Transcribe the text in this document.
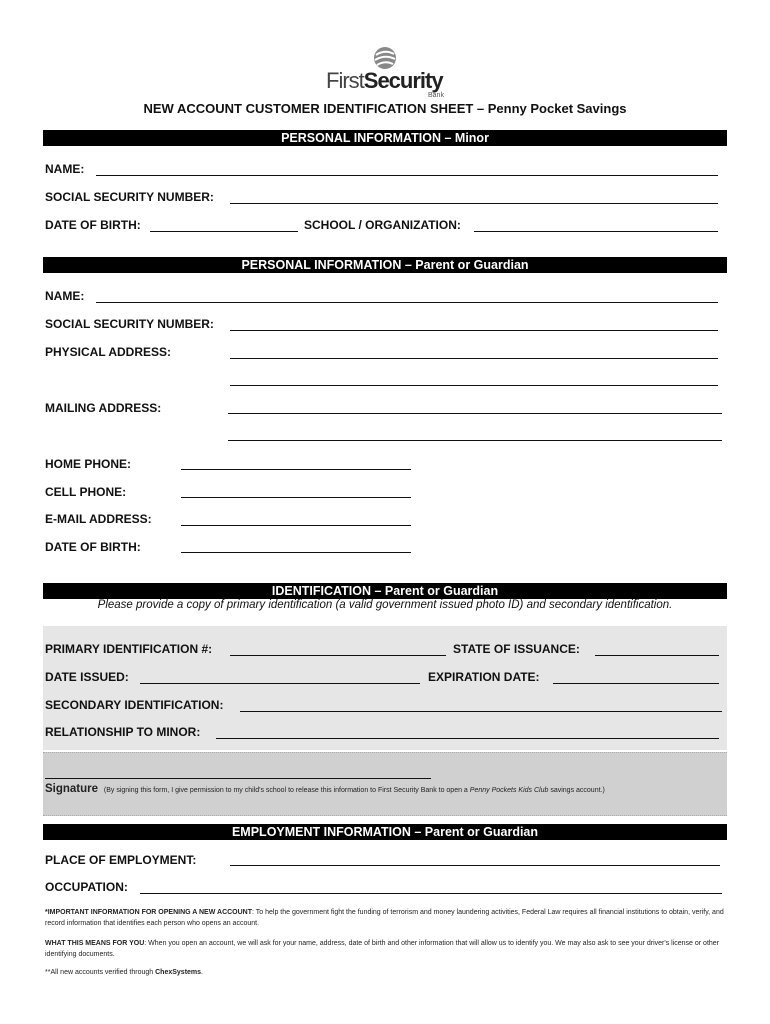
FirstSecurity
Bank
NEW ACCOUNT CUSTOMER IDENTIFICATION SHEET – Penny Pocket Savings
PERSONAL INFORMATION – Minor
NAME:
SOCIAL SECURITY NUMBER:
DATE OF BIRTH:	SCHOOL / ORGANIZATION:
PERSONAL INFORMATION – Parent or Guardian
NAME:
SOCIAL SECURITY NUMBER:
PHYSICAL ADDRESS:
MAILING ADDRESS:
HOME PHONE:
CELL PHONE:
E-MAIL ADDRESS:
DATE OF BIRTH:
IDENTIFICATION – Parent or Guardian
Please provide a copy of primary identification (a valid government issued photo ID) and secondary identification.
PRIMARY IDENTIFICATION #:	STATE OF ISSUANCE:
DATE ISSUED:	EXPIRATION DATE:
SECONDARY IDENTIFICATION:
RELATIONSHIP TO MINOR:
Signature (By signing this form, I give permission to my child's school to release this information to First Security Bank to open a Penny Pockets Kids Club savings account.)
EMPLOYMENT INFORMATION – Parent or Guardian
PLACE OF EMPLOYMENT:
OCCUPATION:
*IMPORTANT INFORMATION FOR OPENING A NEW ACCOUNT: To help the government fight the funding of terrorism and money laundering activities, Federal Law requires all financial institutions to obtain, verify, and record information that identifies each person who opens an account.
WHAT THIS MEANS FOR YOU: When you open an account, we will ask for your name, address, date of birth and other information that will allow us to identify you. We may also ask to see your driver's license or other identifying documents.
**All new accounts verified through ChexSystems.
